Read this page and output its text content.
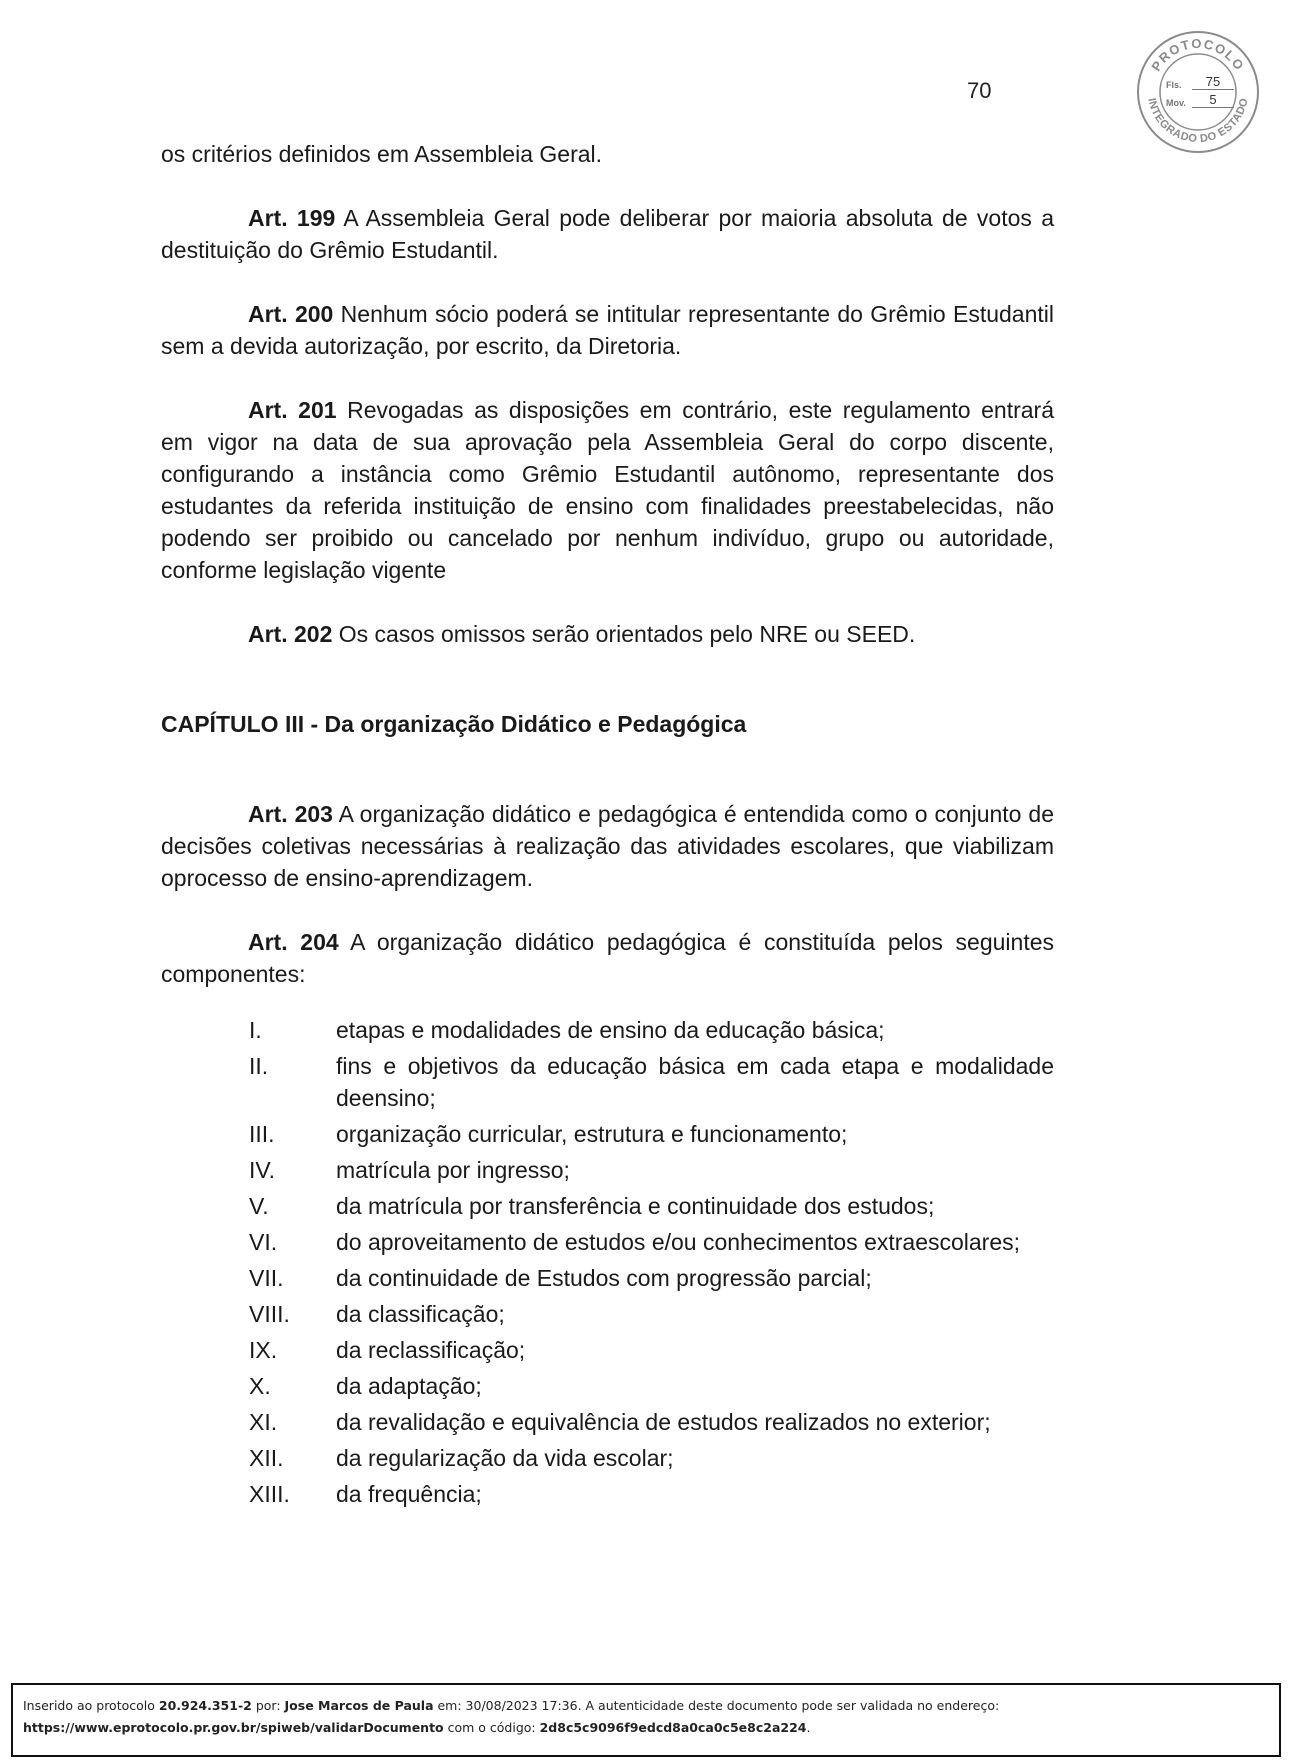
70
PROTOCOLO
INTEGRADO DO ESTADO
Fls.	75
Mov.	5

os critérios definidos em Assembleia Geral.

Art. 199 A Assembleia Geral pode deliberar por maioria absoluta de votos a destituição do Grêmio Estudantil.

Art. 200 Nenhum sócio poderá se intitular representante do Grêmio Estudantil sem a devida autorização, por escrito, da Diretoria.

Art. 201 Revogadas as disposições em contrário, este regulamento entrará em vigor na data de sua aprovação pela Assembleia Geral do corpo discente, configurando a instância como Grêmio Estudantil autônomo, representante dos estudantes da referida instituição de ensino com finalidades preestabelecidas, não podendo ser proibido ou cancelado por nenhum indivíduo, grupo ou autoridade, conforme legislação vigente

Art. 202 Os casos omissos serão orientados pelo NRE ou SEED.

CAPÍTULO III - Da organização Didático e Pedagógica

Art. 203 A organização didático e pedagógica é entendida como o conjunto de decisões coletivas necessárias à realização das atividades escolares, que viabilizam oprocesso de ensino-aprendizagem.

Art. 204 A organização didático pedagógica é constituída pelos seguintes componentes:

I.	etapas e modalidades de ensino da educação básica;
II.	fins e objetivos da educação básica em cada etapa e modalidade deensino;
III.	organização curricular, estrutura e funcionamento;
IV.	matrícula por ingresso;
V.	da matrícula por transferência e continuidade dos estudos;
VI.	do aproveitamento de estudos e/ou conhecimentos extraescolares;
VII.	da continuidade de Estudos com progressão parcial;
VIII.	da classificação;
IX.	da reclassificação;
X.	da adaptação;
XI.	da revalidação e equivalência de estudos realizados no exterior;
XII.	da regularização da vida escolar;
XIII.	da frequência;

Inserido ao protocolo 20.924.351-2 por: Jose Marcos de Paula em: 30/08/2023 17:36. A autenticidade deste documento pode ser validada no endereço:

https://www.eprotocolo.pr.gov.br/spiweb/validarDocumento com o código: 2d8c5c9096f9edcd8a0ca0c5e8c2a224.
